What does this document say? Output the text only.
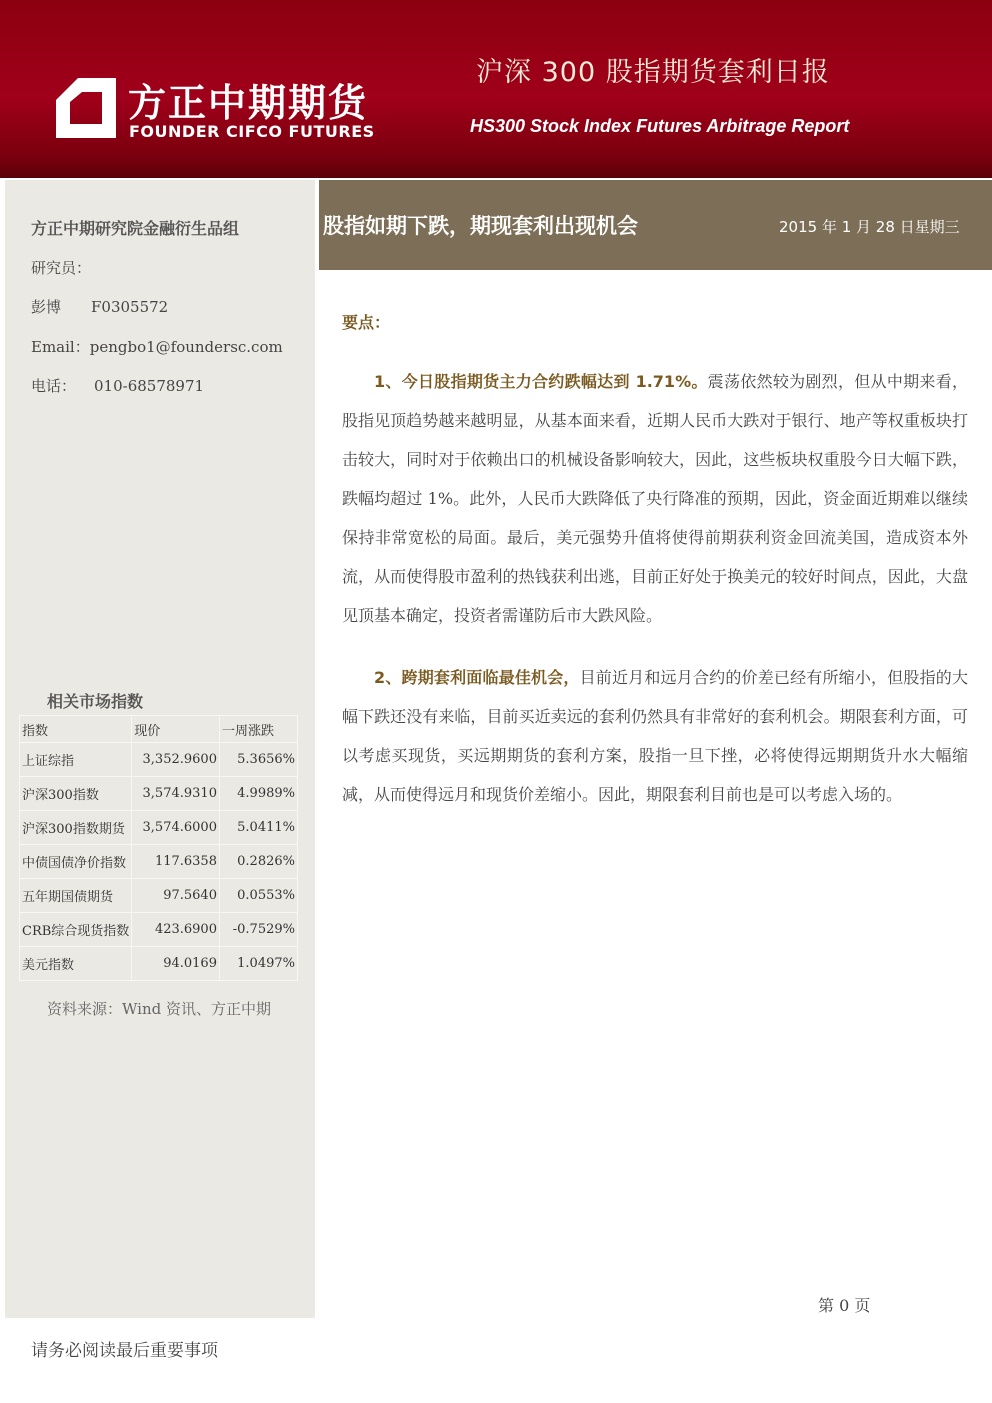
方正中期期货
FOUNDER CIFCO FUTURES
沪深 300 股指期货套利日报
HS300 Stock Index Futures Arbitrage Report
方正中期研究院金融衍生品组
研究员：
彭博 F0305572
Email：pengbo1@foundersc.com
电话： 010-68578971
相关市场指数
指数	现价	一周涨跌
上证综指	3,352.9600	5.3656%
沪深300指数	3,574.9310	4.9989%
沪深300指数期货	3,574.6000	5.0411%
中债国债净价指数	117.6358	0.2826%
五年期国债期货	97.5640	0.0553%
CRB综合现货指数	423.6900	-0.7529%
美元指数	94.0169	1.0497%
资料来源：Wind 资讯、方正中期
股指如期下跌，期现套利出现机会	2015 年 1 月 28 日星期三
要点：
1、今日股指期货主力合约跌幅达到 1.71%。震荡依然较为剧烈，但从中期来看，股指见顶趋势越来越明显，从基本面来看，近期人民币大跌对于银行、地产等权重板块打击较大，同时对于依赖出口的机械设备影响较大，因此，这些板块权重股今日大幅下跌，跌幅均超过 1%。此外，人民币大跌降低了央行降准的预期，因此，资金面近期难以继续保持非常宽松的局面。最后，美元强势升值将使得前期获利资金回流美国，造成资本外流，从而使得股市盈利的热钱获利出逃，目前正好处于换美元的较好时间点，因此，大盘见顶基本确定，投资者需谨防后市大跌风险。
2、跨期套利面临最佳机会，目前近月和远月合约的价差已经有所缩小，但股指的大幅下跌还没有来临，目前买近卖远的套利仍然具有非常好的套利机会。期限套利方面，可以考虑买现货，买远期期货的套利方案，股指一旦下挫，必将使得远期期货升水大幅缩减，从而使得远月和现货价差缩小。因此，期限套利目前也是可以考虑入场的。
第 0 页
请务必阅读最后重要事项
